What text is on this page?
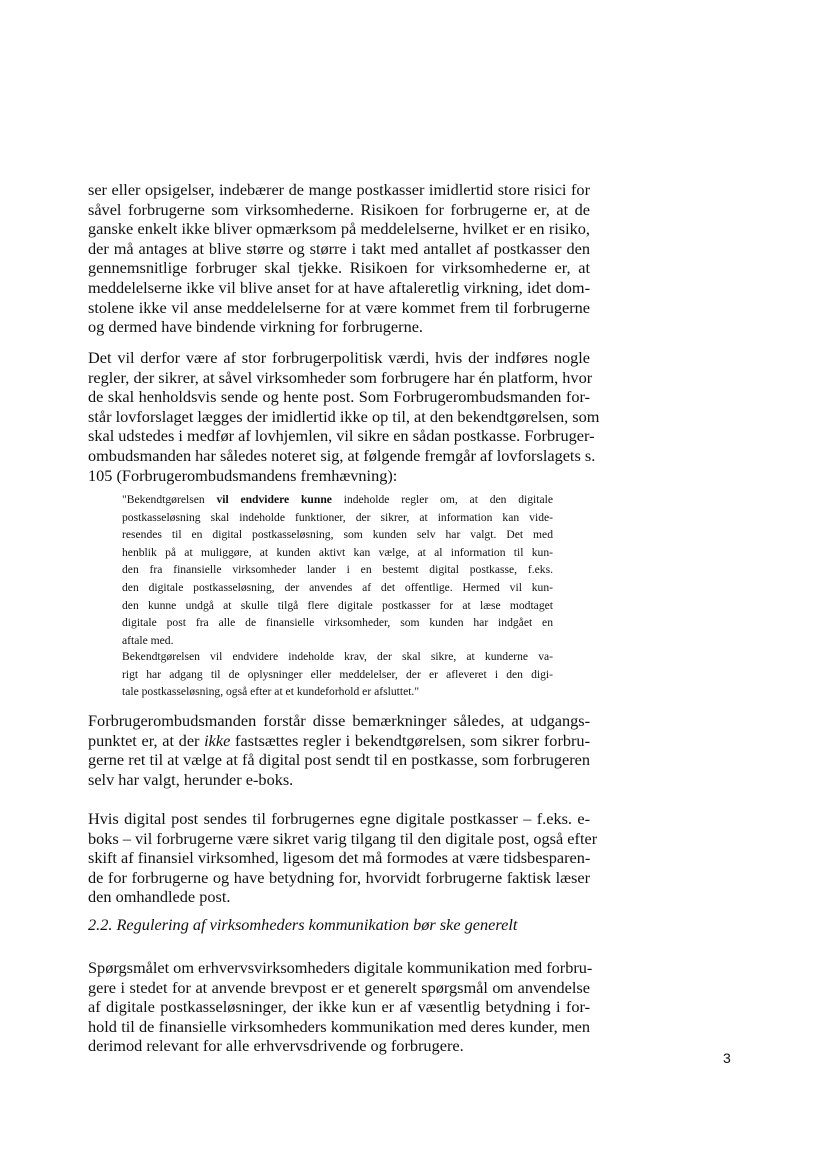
ser eller opsigelser, indebærer de mange postkasser imidlertid store risici for
såvel forbrugerne som virksomhederne. Risikoen for forbrugerne er, at de
ganske enkelt ikke bliver opmærksom på meddelelserne, hvilket er en risiko,
der må antages at blive større og større i takt med antallet af postkasser den
gennemsnitlige forbruger skal tjekke. Risikoen for virksomhederne er, at
meddelelserne ikke vil blive anset for at have aftaleretlig virkning, idet dom-
stolene ikke vil anse meddelelserne for at være kommet frem til forbrugerne
og dermed have bindende virkning for forbrugerne.
Det vil derfor være af stor forbrugerpolitisk værdi, hvis der indføres nogle
regler, der sikrer, at såvel virksomheder som forbrugere har én platform, hvor
de skal henholdsvis sende og hente post. Som Forbrugerombudsmanden for-
står lovforslaget lægges der imidlertid ikke op til, at den bekendtgørelsen, som
skal udstedes i medfør af lovhjemlen, vil sikre en sådan postkasse. Forbruger-
ombudsmanden har således noteret sig, at følgende fremgår af lovforslagets s.
105 (Forbrugerombudsmandens fremhævning):
"Bekendtgørelsen vil endvidere kunne indeholde regler om, at den digitale
postkasseløsning skal indeholde funktioner, der sikrer, at information kan vide-
resendes til en digital postkasseløsning, som kunden selv har valgt. Det med
henblik på at muliggøre, at kunden aktivt kan vælge, at al information til kun-
den fra finansielle virksomheder lander i en bestemt digital postkasse, f.eks.
den digitale postkasseløsning, der anvendes af det offentlige. Hermed vil kun-
den kunne undgå at skulle tilgå flere digitale postkasser for at læse modtaget
digitale post fra alle de finansielle virksomheder, som kunden har indgået en
aftale med.
Bekendtgørelsen vil endvidere indeholde krav, der skal sikre, at kunderne va-
rigt har adgang til de oplysninger eller meddelelser, der er afleveret i den digi-
tale postkasseløsning, også efter at et kundeforhold er afsluttet."
Forbrugerombudsmanden forstår disse bemærkninger således, at udgangs-
punktet er, at der ikke fastsættes regler i bekendtgørelsen, som sikrer forbru-
gerne ret til at vælge at få digital post sendt til en postkasse, som forbrugeren
selv har valgt, herunder e-boks.
Hvis digital post sendes til forbrugernes egne digitale postkasser – f.eks. e-
boks – vil forbrugerne være sikret varig tilgang til den digitale post, også efter
skift af finansiel virksomhed, ligesom det må formodes at være tidsbesparen-
de for forbrugerne og have betydning for, hvorvidt forbrugerne faktisk læser
den omhandlede post.

2.2. Regulering af virksomheders kommunikation bør ske generelt

Spørgsmålet om erhvervsvirksomheders digitale kommunikation med forbru-
gere i stedet for at anvende brevpost er et generelt spørgsmål om anvendelse
af digitale postkasseløsninger, der ikke kun er af væsentlig betydning i for-
hold til de finansielle virksomheders kommunikation med deres kunder, men
derimod relevant for alle erhvervsdrivende og forbrugere.

3
